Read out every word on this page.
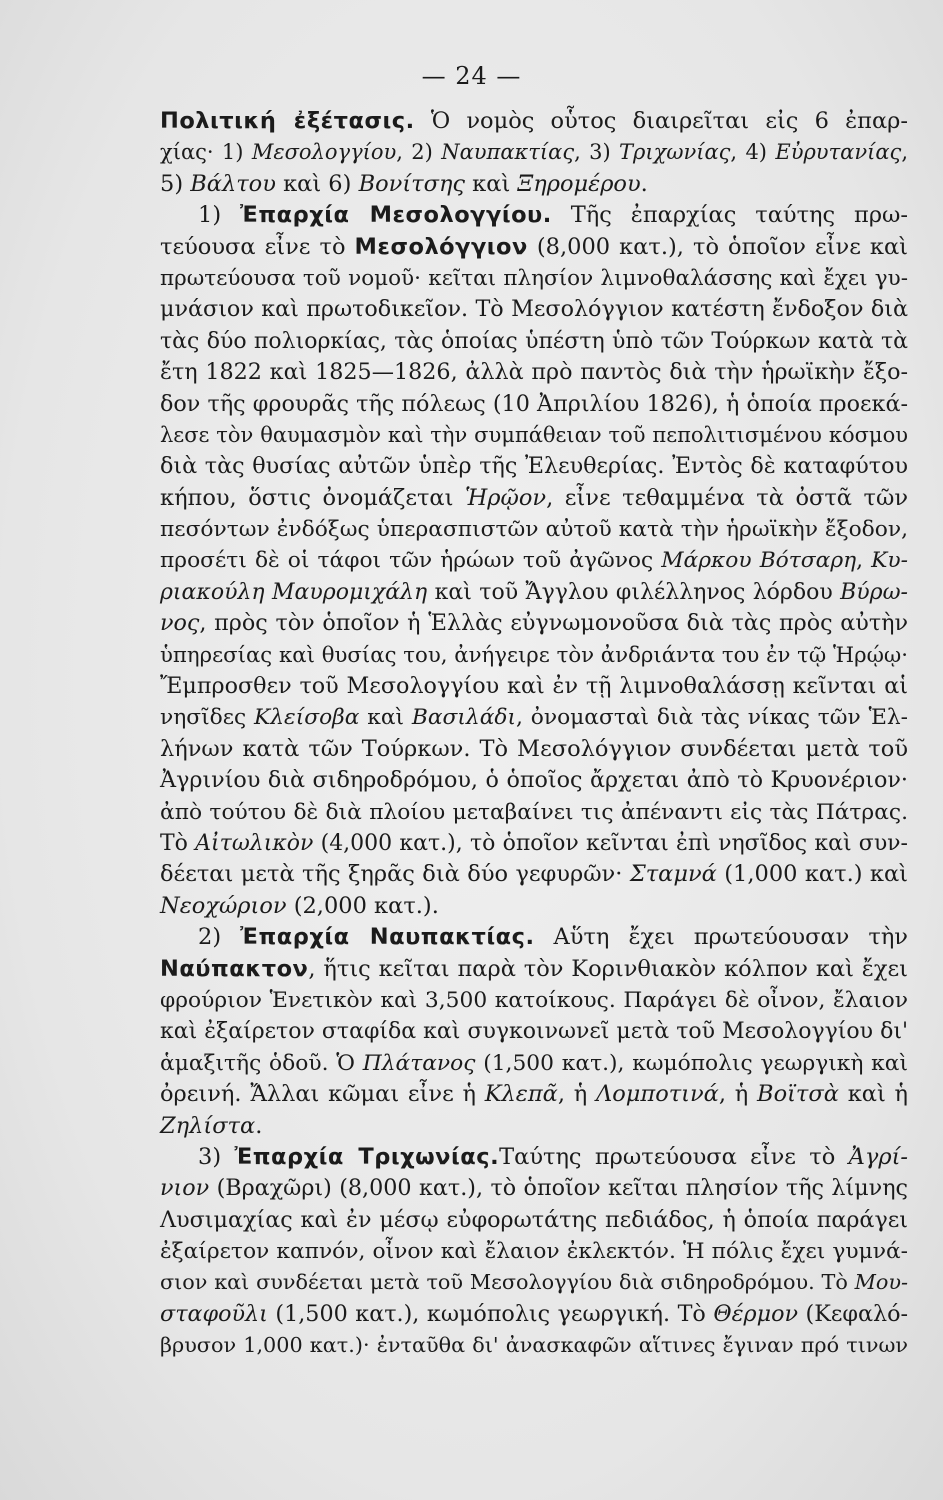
— 24 —
Πολιτική ἐξέτασις. Ὁ νομὸς οὗτος διαιρεῖται εἰς 6 ἐπαρ-
χίας· 1) Μεσολογγίου, 2) Ναυπακτίας, 3) Τριχωνίας, 4) Εὐρυτανίας,
5) Βάλτου καὶ 6) Βονίτσης καὶ Ξηρομέρου.
1) Ἐπαρχία Μεσολογγίου. Τῆς ἐπαρχίας ταύτης πρω-
τεύουσα εἶνε τὸ Μεσολόγγιον (8,000 κατ.), τὸ ὁποῖον εἶνε καὶ
πρωτεύουσα τοῦ νομοῦ· κεῖται πλησίον λιμνοθαλάσσης καὶ ἔχει γυ-
μνάσιον καὶ πρωτοδικεῖον. Τὸ Μεσολόγγιον κατέστη ἔνδοξον διὰ
τὰς δύο πολιορκίας, τὰς ὁποίας ὑπέστη ὑπὸ τῶν Τούρκων κατὰ τὰ
ἔτη 1822 καὶ 1825—1826, ἀλλὰ πρὸ παντὸς διὰ τὴν ἡρωϊκὴν ἔξο-
δον τῆς φρουρᾶς τῆς πόλεως (10 Ἀπριλίου 1826), ἡ ὁποία προεκά-
λεσε τὸν θαυμασμὸν καὶ τὴν συμπάθειαν τοῦ πεπολιτισμένου κόσμου
διὰ τὰς θυσίας αὐτῶν ὑπὲρ τῆς Ἐλευθερίας. Ἐντὸς δὲ καταφύτου
κήπου, ὅστις ὀνομάζεται Ἡρῷον, εἶνε τεθαμμένα τὰ ὀστᾶ τῶν
πεσόντων ἐνδόξως ὑπερασπιστῶν αὐτοῦ κατὰ τὴν ἡρωϊκὴν ἔξοδον,
προσέτι δὲ οἱ τάφοι τῶν ἡρώων τοῦ ἀγῶνος Μάρκου Βότσαρη, Κυ-
ριακούλη Μαυρομιχάλη καὶ τοῦ Ἄγγλου φιλέλληνος λόρδου Βύρω-
νος, πρὸς τὸν ὁποῖον ἡ Ἑλλὰς εὐγνωμονοῦσα διὰ τὰς πρὸς αὐτὴν
ὑπηρεσίας καὶ θυσίας του, ἀνήγειρε τὸν ἀνδριάντα του ἐν τῷ Ἡρῴῳ·
Ἔμπροσθεν τοῦ Μεσολογγίου καὶ ἐν τῇ λιμνοθαλάσσῃ κεῖνται αἱ
νησῖδες Κλείσοβα καὶ Βασιλάδι, ὀνομασταὶ διὰ τὰς νίκας τῶν Ἑλ-
λήνων κατὰ τῶν Τούρκων. Τὸ Μεσολόγγιον συνδέεται μετὰ τοῦ
Ἀγρινίου διὰ σιδηροδρόμου, ὁ ὁποῖος ἄρχεται ἀπὸ τὸ Κρυονέριον·
ἀπὸ τούτου δὲ διὰ πλοίου μεταβαίνει τις ἀπέναντι εἰς τὰς Πάτρας.
Τὸ Αἰτωλικὸν (4,000 κατ.), τὸ ὁποῖον κεῖνται ἐπὶ νησῖδος καὶ συν-
δέεται μετὰ τῆς ξηρᾶς διὰ δύο γεφυρῶν· Σταμνά (1,000 κατ.) καὶ
Νεοχώριον (2,000 κατ.).
2) Ἐπαρχία Ναυπακτίας. Αὕτη ἔχει πρωτεύουσαν τὴν
Ναύπακτον, ἥτις κεῖται παρὰ τὸν Κορινθιακὸν κόλπον καὶ ἔχει
φρούριον Ἑνετικὸν καὶ 3,500 κατοίκους. Παράγει δὲ οἶνον, ἔλαιον
καὶ ἐξαίρετον σταφίδα καὶ συγκοινωνεῖ μετὰ τοῦ Μεσολογγίου δι'
ἁμαξιτῆς ὁδοῦ. Ὁ Πλάτανος (1,500 κατ.), κωμόπολις γεωργικὴ καὶ
ὀρεινή. Ἄλλαι κῶμαι εἶνε ἡ Κλεπᾶ, ἡ Λομποτινά, ἡ Βοϊτσὰ καὶ ἡ
Ζηλίστα.
3) Ἐπαρχία Τριχωνίας.Ταύτης πρωτεύουσα εἶνε τὸ Ἀγρί-
νιον (Βραχῶρι) (8,000 κατ.), τὸ ὁποῖον κεῖται πλησίον τῆς λίμνης
Λυσιμαχίας καὶ ἐν μέσῳ εὐφορωτάτης πεδιάδος, ἡ ὁποία παράγει
ἐξαίρετον καπνόν, οἶνον καὶ ἔλαιον ἐκλεκτόν. Ἡ πόλις ἔχει γυμνά-
σιον καὶ συνδέεται μετὰ τοῦ Μεσολογγίου διὰ σιδηροδρόμου. Τὸ Μου-
σταφοῦλι (1,500 κατ.), κωμόπολις γεωργική. Τὸ Θέρμον (Κεφαλό-
βρυσον 1,000 κατ.)· ἐνταῦθα δι' ἀνασκαφῶν αἵτινες ἔγιναν πρό τινων
